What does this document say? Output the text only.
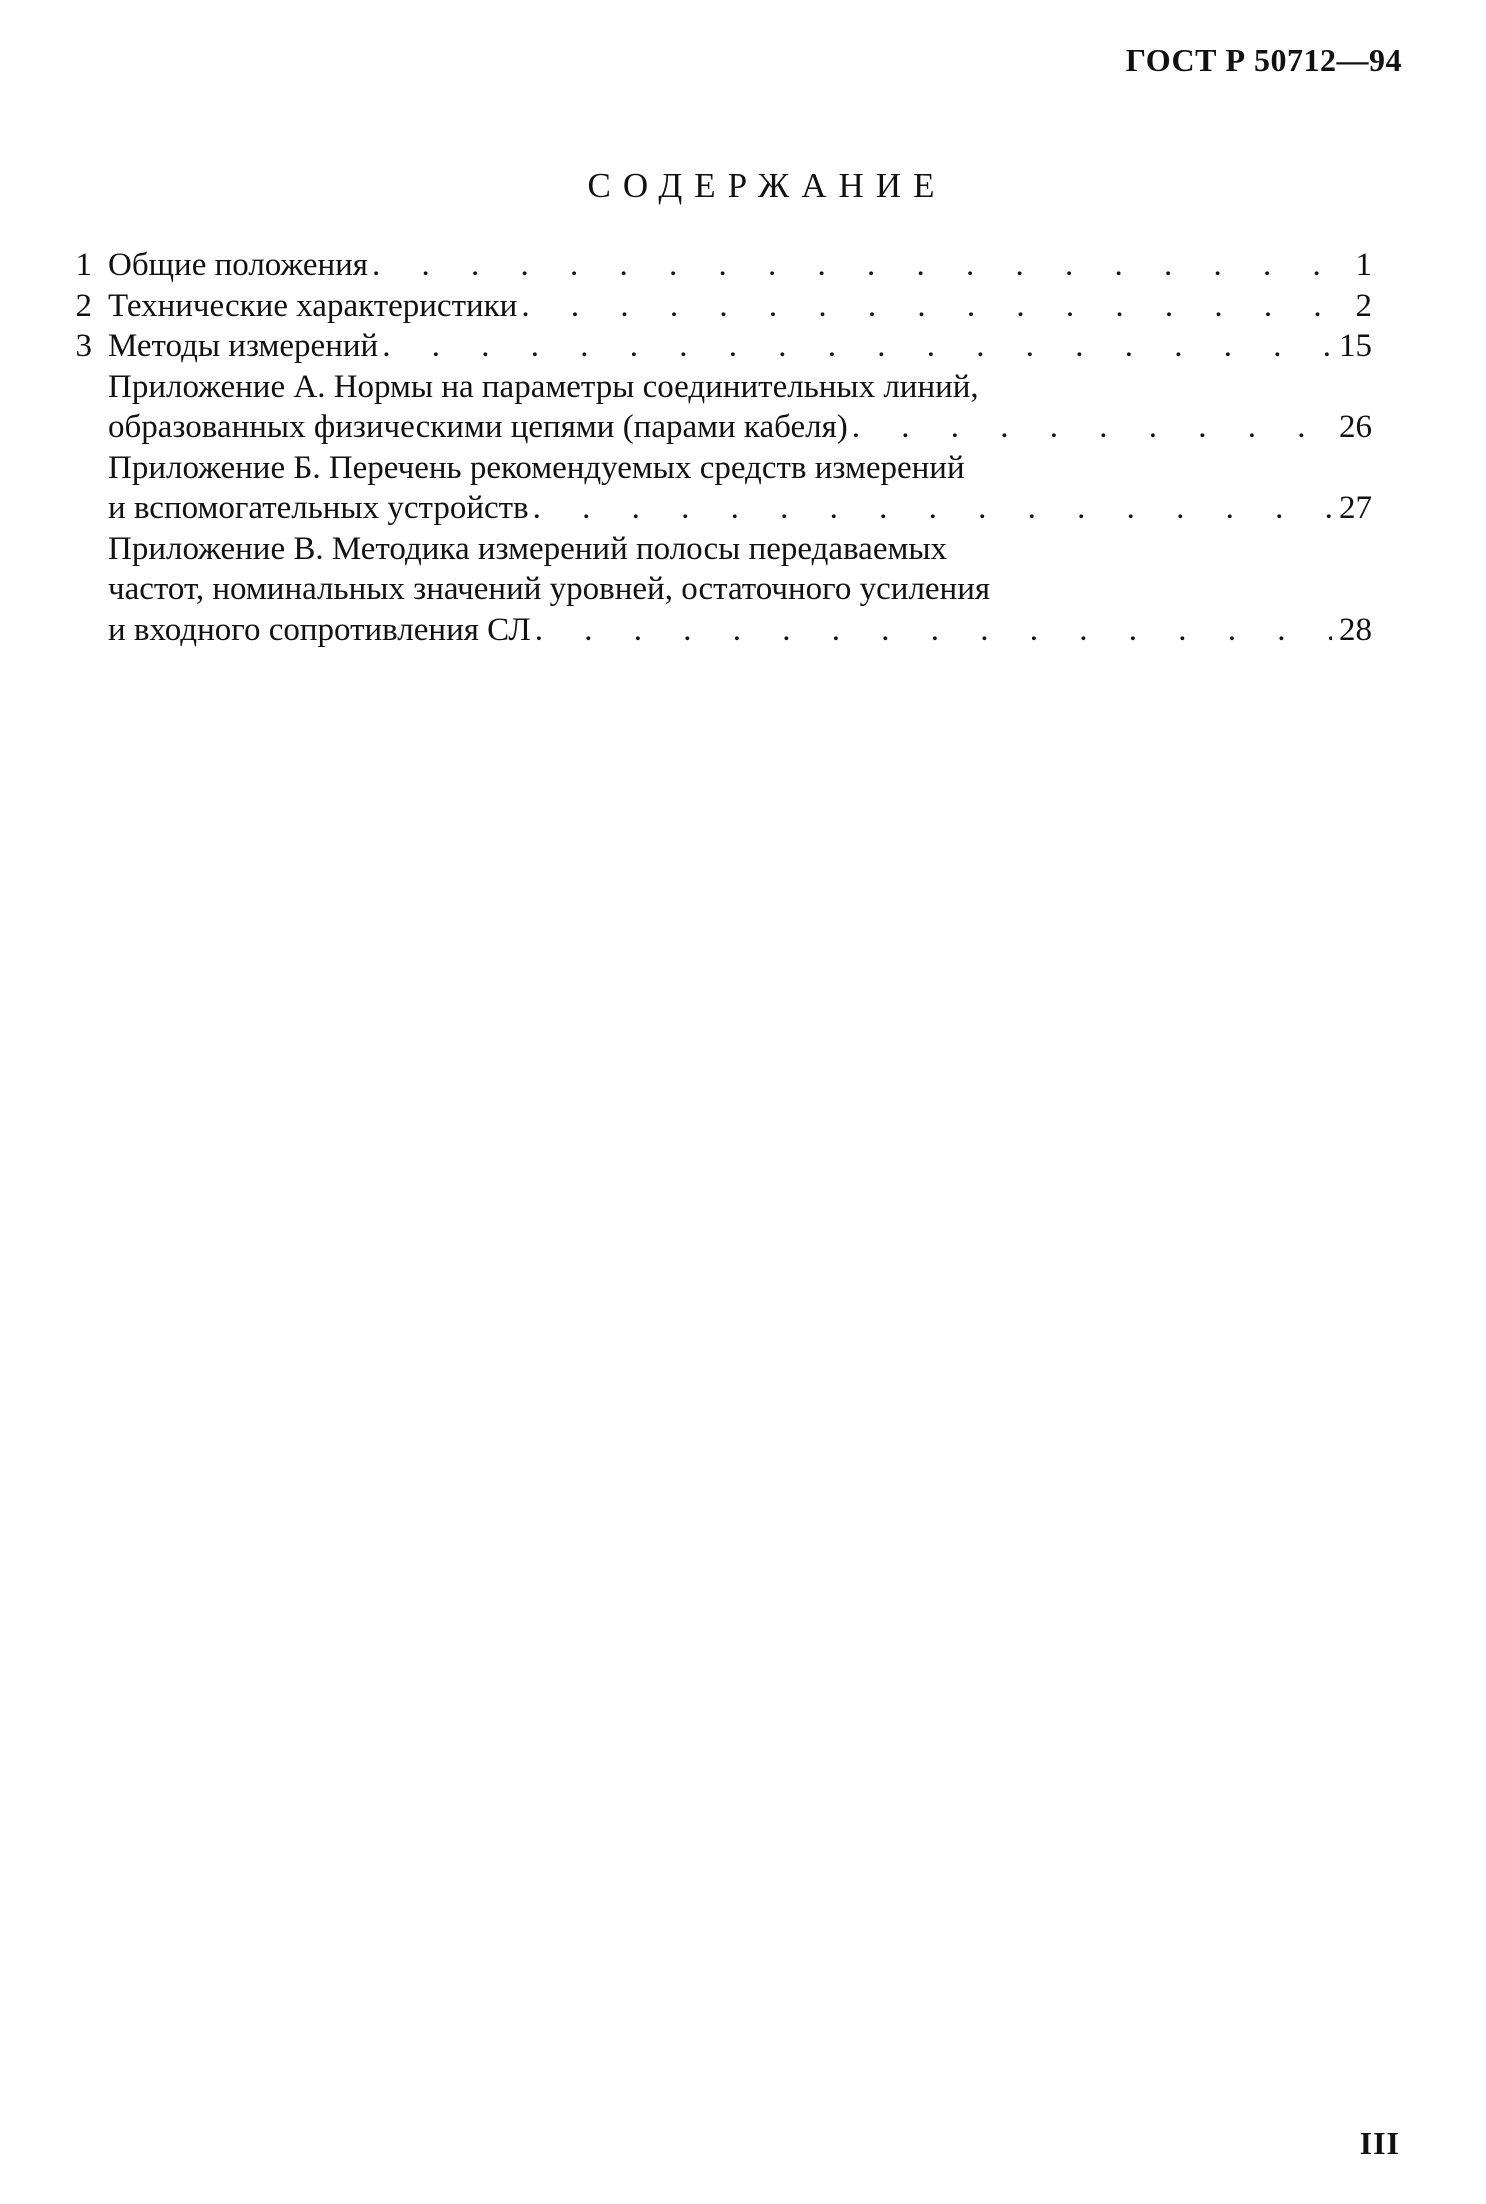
ГОСТ Р 50712—94
СОДЕРЖАНИЕ
1 Общие положения .	1
2 Технические характеристики .	2
3 Методы измерений .	15
Приложение А. Нормы на параметры соединительных линий,
образованных физическими цепями (парами кабеля) .	26
Приложение Б. Перечень рекомендуемых средств измерений
и вспомогательных устройств .	27
Приложение В. Методика измерений полосы передаваемых
частот, номинальных значений уровней, остаточного усиления
и входного сопротивления СЛ .	28
III
